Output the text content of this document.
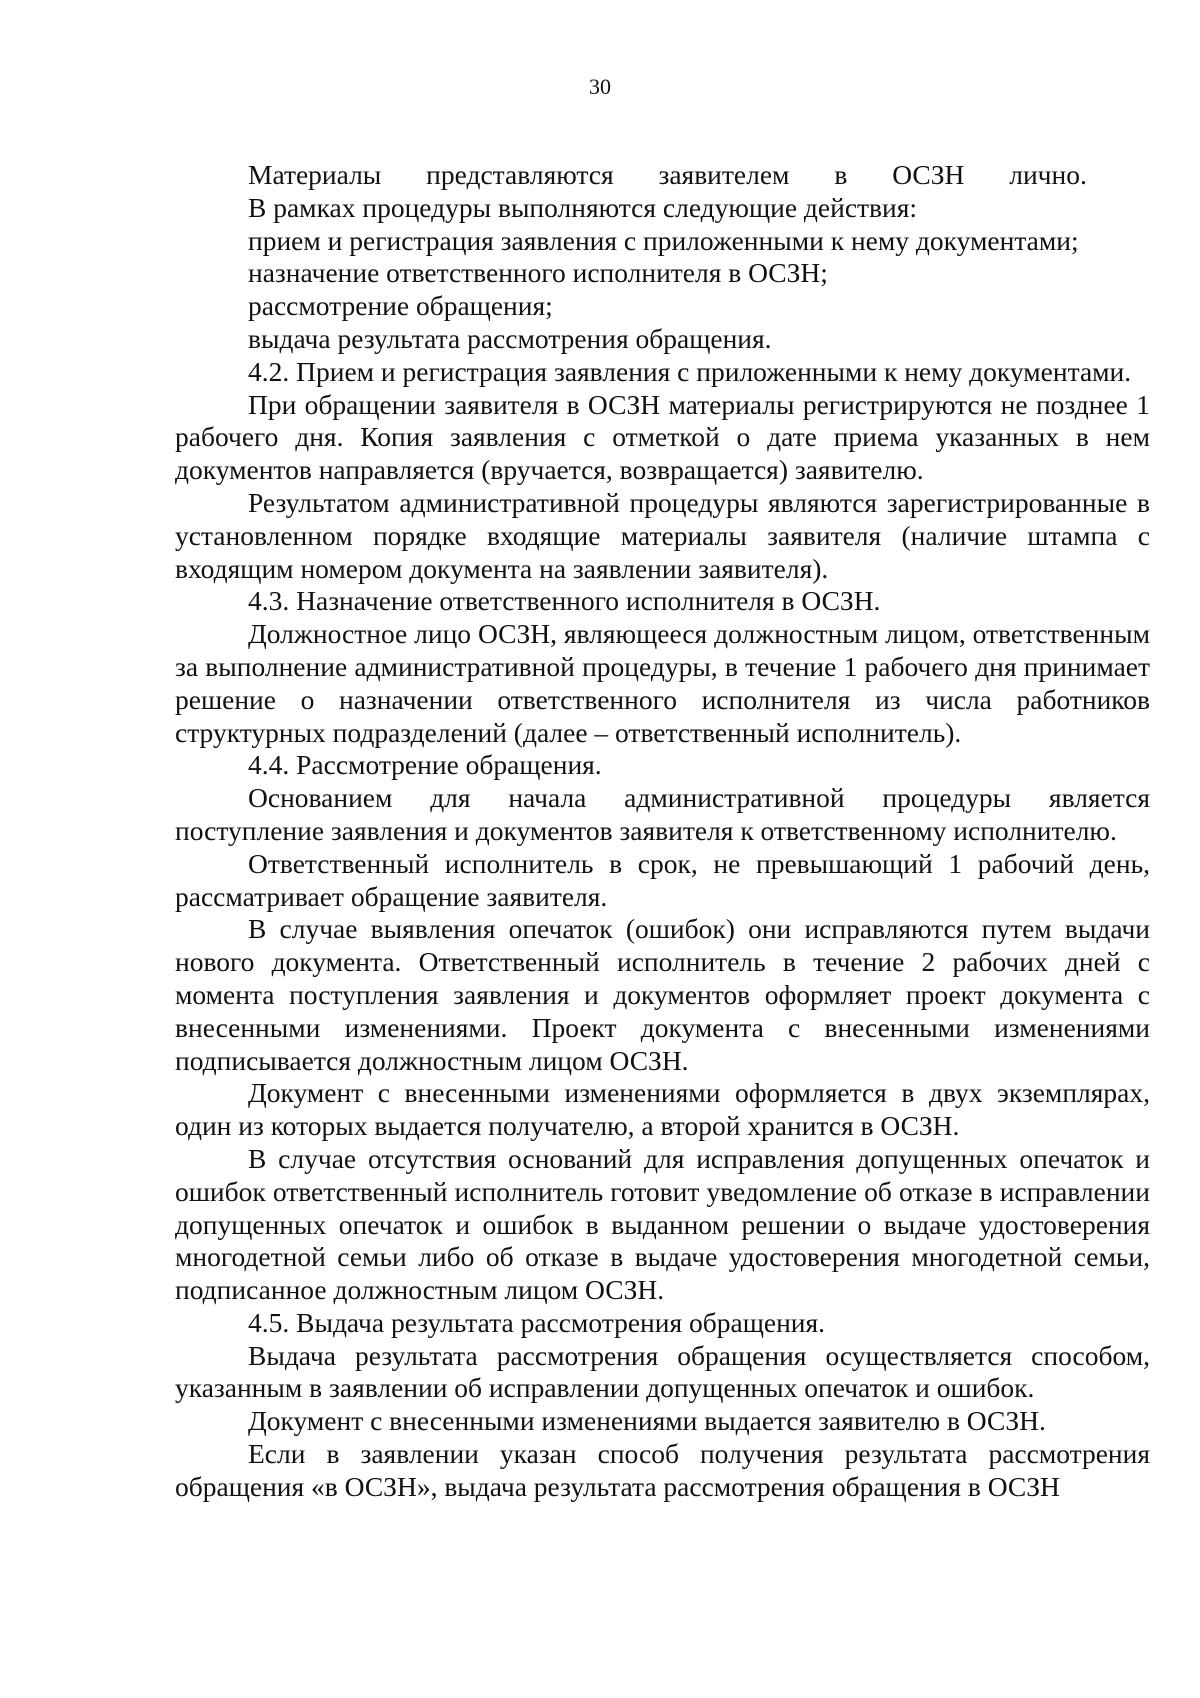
30

Материалы представляются заявителем в ОСЗН лично.

В рамках процедуры выполняются следующие действия:

прием и регистрация заявления с приложенными к нему документами;

назначение ответственного исполнителя в ОСЗН;

рассмотрение обращения;

выдача результата рассмотрения обращения.

4.2. Прием и регистрация заявления с приложенными к нему документами.

При обращении заявителя в ОСЗН материалы регистрируются не позднее 1 рабочего дня. Копия заявления с отметкой о дате приема указанных в нем документов направляется (вручается, возвращается) заявителю.

Результатом административной процедуры являются зарегистрированные в установленном порядке входящие материалы заявителя (наличие штампа с входящим номером документа на заявлении заявителя).

4.3. Назначение ответственного исполнителя в ОСЗН.

Должностное лицо ОСЗН, являющееся должностным лицом, ответственным за выполнение административной процедуры, в течение 1 рабочего дня принимает решение о назначении ответственного исполнителя из числа работников структурных подразделений (далее – ответственный исполнитель).

4.4. Рассмотрение обращения.

Основанием для начала административной процедуры является поступление заявления и документов заявителя к ответственному исполнителю.

Ответственный исполнитель в срок, не превышающий 1 рабочий день, рассматривает обращение заявителя.

В случае выявления опечаток (ошибок) они исправляются путем выдачи нового документа. Ответственный исполнитель в течение 2 рабочих дней с момента поступления заявления и документов оформляет проект документа с внесенными изменениями. Проект документа с внесенными изменениями подписывается должностным лицом ОСЗН.

Документ с внесенными изменениями оформляется в двух экземплярах, один из которых выдается получателю, а второй хранится в ОСЗН.

В случае отсутствия оснований для исправления допущенных опечаток и ошибок ответственный исполнитель готовит уведомление об отказе в исправлении допущенных опечаток и ошибок в выданном решении о выдаче удостоверения многодетной семьи либо об отказе в выдаче удостоверения многодетной семьи, подписанное должностным лицом ОСЗН.

4.5. Выдача результата рассмотрения обращения.

Выдача результата рассмотрения обращения осуществляется способом, указанным в заявлении об исправлении допущенных опечаток и ошибок.

Документ с внесенными изменениями выдается заявителю в ОСЗН.

Если в заявлении указан способ получения результата рассмотрения обращения «в ОСЗН», выдача результата рассмотрения обращения в ОСЗН
